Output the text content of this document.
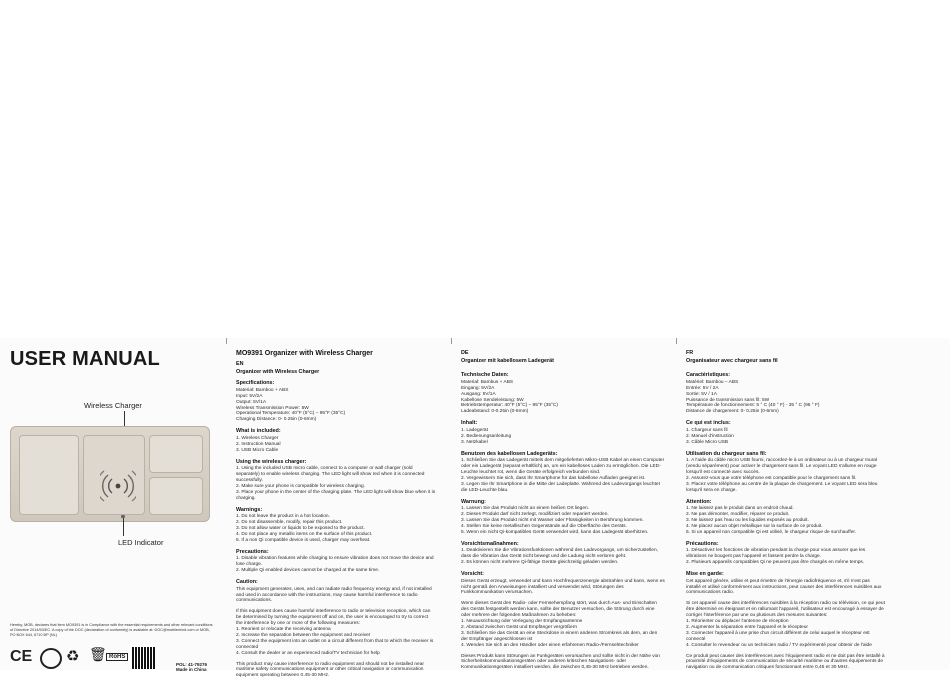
USER MANUAL
Wireless Charger
LED Indicator
Hereby, MOB, declares that item MO9391 is in Compliance with the essential requirements and other relevant conditions of Directive 2014/53/EC. A copy of the DOC (declaration of conformity) is available at: DOC@mobilemind.com or MOB, PO BOX 644, 6710 BP (NL)
CE ♻ 🗑 RoHS
POL: 41-79276
Made in China

MO9391 Organizer with Wireless Charger

EN

Organizer with Wireless Charger

Specifications:

Material: Bamboo + ABS

Input: 5V/2A

Output: 5V/1A

Wireless Transmission Power: 5W

Operational Temperature: 40°F (5°C) – 95°F (35°C)

Charging Distance: 0- 0.25in (0-6mm)

What is included:

1. Wireless Charger

2. Instruction Manual

3. USB Micro Cable

Using the wireless charger:

1. Using the included USB micro cable, connect to a computer or wall charger (sold separately) to enable wireless charging. The LED light will show red when it is connected successfully.

2. Make sure your phone is compatible for wireless charging.

3. Place your phone in the center of the charging plate. The LED light will show blue when it is charging.

Warnings:

1. Do not leave the product in a hot location.

2. Do not disassemble, modify, repair this product.

3. Do not allow water or liquids to be exposed to the product.

4. Do not place any metallic items on the surface of this product.

5. If a non Qi compatible device is used, charger may overheat.

Precautions:

1. Disable vibration features while charging to ensure vibration does not move the device and lose charge.

2. Multiple Qi enabled devices cannot be charged at the same time.

Caution:

This equipment generates, uses, and can radiate radio frequency energy and, if not installed and used in accordance with the instructions, may cause harmful interference to radio communications.

If this equipment does cause harmful interference to radio or television reception, which can be determined by turning the equipment off and on, the user is encouraged to try to correct the interference by one or more of the following measures:

1. Reorient or relocate the receiving antenna

2. Increase the separation between the equipment and receiver

3. Connect the equipment into an outlet on a circuit different from that to which the receiver is connected

4. Consult the dealer or an experienced radio/TV technician for help

This product may cause interference to radio equipment and should not be installed near maritime safety communications equipment or other critical navigation or communication equipment operating between 0.45-30 MHz.

DE

Organizer mit kabellosem Ladegerät

Technische Daten:

Material: Bambus + ABS

Eingang: 5V/2A

Ausgang: 5V/1A

Kabellose Sendeleistung: 5W

Betriebstemperatur: 40°F (5°C) – 95°F (35°C)

Ladeabstand: 0-0.25in (0-6mm)

Inhalt:

1. Ladegerät

2. Bedienungsanleitung

3. Netzkabel

Benutzen des kabellosen Ladegeräts:

1. Schließen Sie das Ladegerät mittels dem mitgelieferten Mikro-USB Kabel an einen Computer oder ein Ladegerät (separat erhältlich) an, um ein kabelloses Laden zu ermöglichen. Die LED-Leuchte leuchtet rot, wenn die Geräte erfolgreich verbunden sind.

2. Vergewissern Sie sich, dass Ihr Smartphone für das kabellose Aufladen geeignet ist.

3. Legen Sie Ihr Smartphone in die Mitte der Ladeplatte. Während des Ladevorgangs leuchtet die LED-Leuchte blau.

Warnung:

1. Lassen Sie das Produkt nicht an einem heißen Ort liegen.

2. Dieses Produkt darf nicht zerlegt, modifiziert oder repariert werden.

3. Lassen Sie das Produkt nicht mit Wasser oder Flüssigkeiten in Berührung kommen.

4. Stellen Sie keine metallischen Gegenstände auf die Oberfläche des Geräts.

5. Wenn ein nicht Qi-kompatibles Gerät verwendet wird, kann das Ladegerät überhitzen.

Vorsichtsmaßnahmen:

1. Deaktivieren Sie die Vibrationsfunktionen während des Ladevorgangs, um sicherzustellen, dass die Vibration das Gerät nicht bewegt und die Ladung nicht verloren geht.

2. Es können nicht mehrere Qi-fähige Geräte gleichzeitig geladen werden.

Vorsicht:

Dieses Gerät erzeugt, verwendet und kann Hochfrequenzenergie abstrahlen und kann, wenn es nicht gemäß den Anweisungen installiert und verwendet wird, Störungen des Funkkommunikation verursachen.

Wenn dieses Gerät den Radio- oder Fernsehempfang stört, was durch Aus- und Einschalten des Geräts festgestellt werden kann, sollte der Benutzer versuchen, die Störung durch eine oder mehrere der folgenden Maßnahmen zu beheben:

1. Neuausrichtung oder Verlegung der Empfangsantenne

2. Abstand zwischen Gerät und Empfänger vergrößern

3. Schließen Sie das Gerät an eine Steckdose in einem anderen Stromkreis als dem, an den der Empfänger angeschlossen ist

4. Wenden Sie sich an den Händler oder einen erfahrenen Radio-/Fernsehtechniker

Dieses Produkt kann Störungen an Funkgeräten verursachen und sollte nicht in der Nähe von Sicherheitskommunikationsgeräten oder anderen kritischen Navigations- oder Kommunikationsgeräten installiert werden, die zwischen 0,45-30 MHz betrieben werden.

FR

Organisateur avec chargeur sans fil

Caractéristiques:

Matériel: Bambou – ABS

Entrée: 5V / 2A

Sortie: 5V / 1A

Puissance de transmission sans fil: 5W

Température de fonctionnement: 5 ° C (40 ° F) - 35 ° C (95 ° F)

Distance de chargement: 0- 0.25in (0-6mm)

Ce qui est inclus:

1. Chargeur sans fil

2. Manuel d'instruction

3. Câble Micro USB

Utilisation du chargeur sans fil:

1. A l'aide du câble micro USB fourni, raccordez-le à un ordinateur ou à un chargeur mural (vendu séparément) pour activer le chargement sans fil. Le voyant LED s'allume en rouge lorsqu'il est connecté avec succès.

2. Assurez-vous que votre téléphone est compatible pour le chargement sans fil.

3. Placez votre téléphone au centre de la plaque de chargement. Le voyant LED sera bleu lorsqu'il sera en charge.

Attention:

1. Ne laissez pas le produit dans un endroit chaud.

2. Ne pas démonter, modifier, réparer ce produit.

3. Ne laissez pas l'eau ou les liquides exposés au produit.

4. Ne placez aucun objet métallique sur la surface de ce produit.

5. Si un appareil non compatible Qi est utilisé, le chargeur risque de surchauffer.

Précautions:

1. Désactivez les fonctions de vibration pendant la charge pour vous assurer que les vibrations ne bougent pas l'appareil et fassent perdre la charge.

2. Plusieurs appareils compatibles Qi ne peuvent pas être chargés en même temps.

Mise en garde:

Cet appareil génère, utilise et peut émettre de l'énergie radiofréquence et, s'il n'est pas installé et utilisé conformément aux instructions, peut causer des interférences nuisibles aux communications radio.

Si cet appareil cause des interférences nuisibles à la réception radio ou télévision, ce qui peut être déterminé en éteignant et en rallumant l'appareil, l'utilisateur est encouragé à essayer de corriger l'interférence par une ou plusieurs des mesures suivantes:

1. Réorienter ou déplacer l'antenne de réception

2. Augmenter la séparation entre l'appareil et le récepteur

3. Connecter l'appareil à une prise d'un circuit différent de celui auquel le récepteur est connecté

4. Consulter le revendeur ou un technicien radio / TV expérimenté pour obtenir de l'aide

Ce produit peut causer des interférences avec l'équipement radio et ne doit pas être installé à proximité d'équipements de communication de sécurité maritime ou d'autres équipements de navigation ou de communication critiques fonctionnant entre 0,45 et 30 MHz.
